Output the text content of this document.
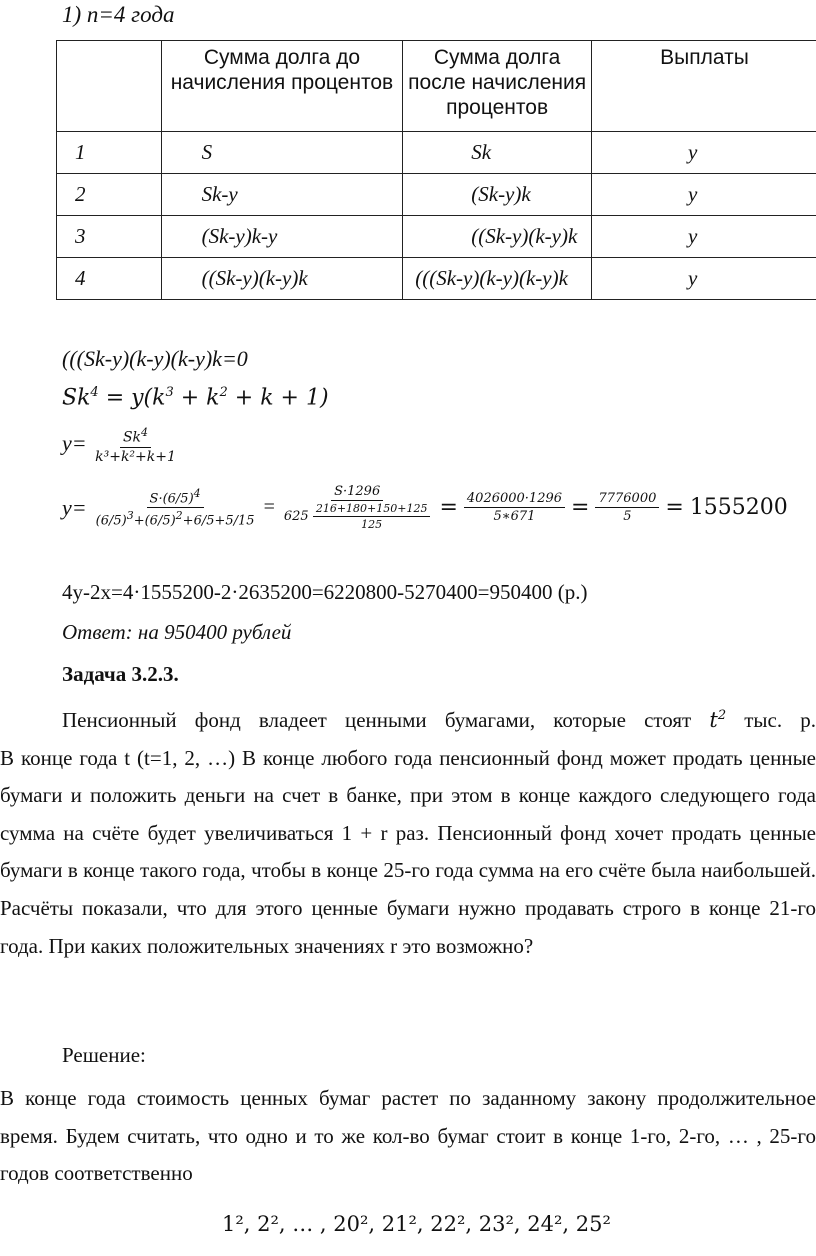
1) n=4 года
	Сумма долга до начисления процентов	Сумма долга после начисления процентов	Выплаты
1	S	Sk	y
2	Sk-y	(Sk-y)k	y
3	(Sk-y)k-y	((Sk-y)(k-y)k	y
4	((Sk-y)(k-y)k	(((Sk-y)(k-y)(k-y)k	y
(((Sk-y)(k-y)(k-y)k=0
$Sk^4 = y(k^3 + k^2 + k + 1)$
$y= \frac{Sk^4}{\text{k³+k²+k+1}}$
$y= \frac{S\cdot(6/5)^4}{(6/5)^3+(6/5)^2+6/5+5/15} = \frac{S\cdot 1296}{625 \frac{216+180+150+125}{125}} = \frac{4026000\cdot 1296}{5∗671} = \frac{7776000}{5} = 1555200$
4y-2x=4·1555200-2·2635200=6220800-5270400=950400 (р.)
Ответ: на 950400 рублей
Задача 3.2.3.

Пенсионный фонд владеет ценными бумагами, которые стоят $t^2$ тыс. р.

В конце года t (t=1, 2, …) В конце любого года пенсионный фонд может продать ценные бумаги и положить деньги на счет в банке, при этом в конце каждого следующего года сумма на счёте будет увеличиваться 1 + r раз. Пенсионный фонд хочет продать ценные бумаги в конце такого года, чтобы в конце 25-го года сумма на его счёте была наибольшей. Расчёты показали, что для этого ценные бумаги нужно продавать строго в конце 21-го года. При каких положительных значениях r это возможно?

Решение:

В конце года стоимость ценных бумаг растет по заданному закону продолжительное время. Будем считать, что одно и то же кол-во бумаг стоит в конце 1-го, 2-го, … , 25-го годов соответственно

1², 2², … , 20², 21², 22², 23², 24², 25²
